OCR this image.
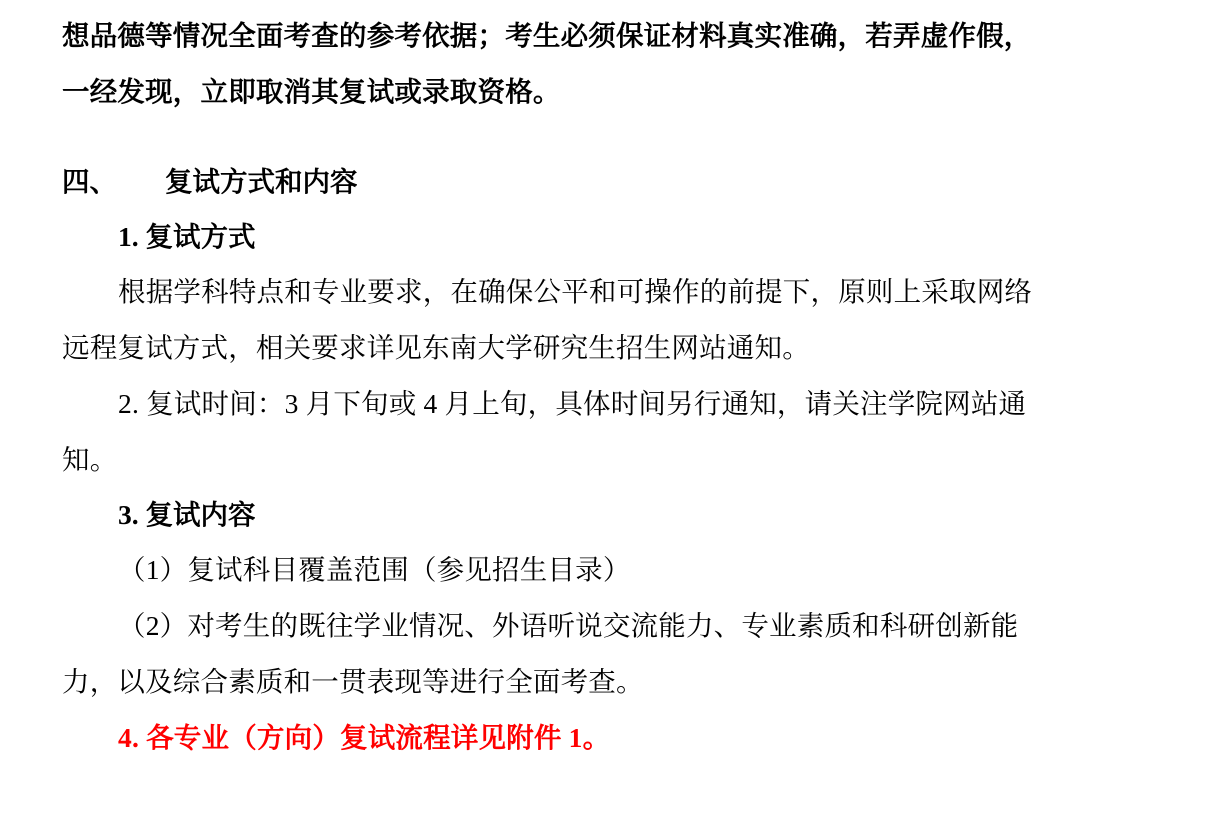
想品德等情况全面考查的参考依据；考生必须保证材料真实准确，若弄虚作假，
一经发现，立即取消其复试或录取资格。
四、 复试方式和内容
1. 复试方式
根据学科特点和专业要求，在确保公平和可操作的前提下，原则上采取网络
远程复试方式，相关要求详见东南大学研究生招生网站通知。
2. 复试时间：3 月下旬或 4 月上旬，具体时间另行通知，请关注学院网站通
知。
3. 复试内容
（1）复试科目覆盖范围（参见招生目录）
（2）对考生的既往学业情况、外语听说交流能力、专业素质和科研创新能
力，以及综合素质和一贯表现等进行全面考查。
4. 各专业（方向）复试流程详见附件 1。
